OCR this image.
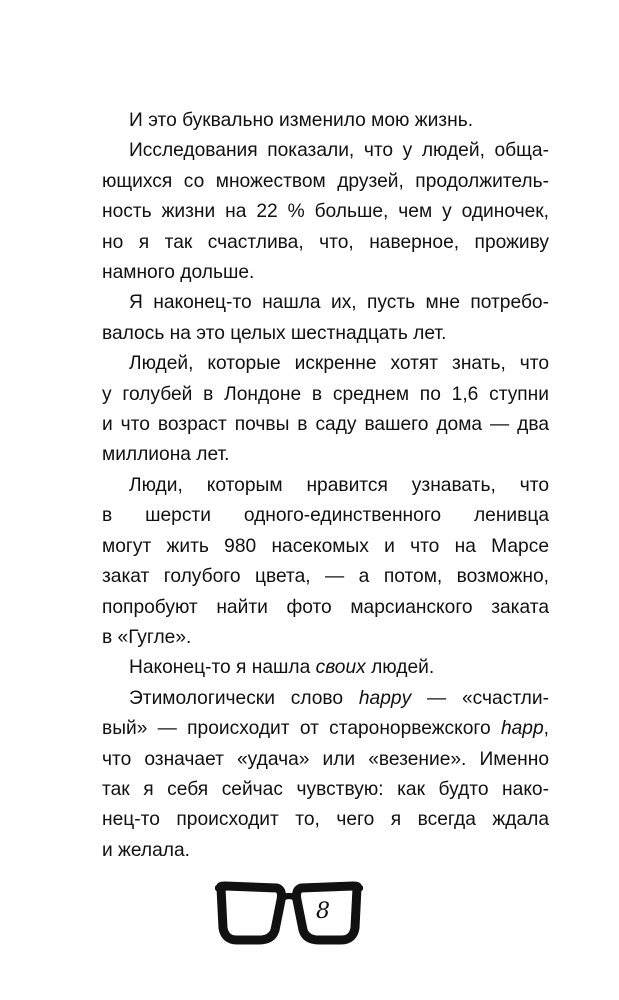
И это буквально изменило мою жизнь.

Исследования показали, что у людей, обща-
ющихся со множеством друзей, продолжитель-
ность жизни на 22 % больше, чем у одиночек,
но я так счастлива, что, наверное, проживу
намного дольше.

Я наконец-то нашла их, пусть мне потребо-
валось на это целых шестнадцать лет.

Людей, которые искренне хотят знать, что
у голубей в Лондоне в среднем по 1,6 ступни
и что возраст почвы в саду вашего дома — два
миллиона лет.

Люди, которым нравится узнавать, что
в шерсти одного-единственного ленивца
могут жить 980 насекомых и что на Марсе
закат голубого цвета, — а потом, возможно,
попробуют найти фото марсианского заката
в «Гугле».

Наконец-то я нашла своих людей.

Этимологически слово happy — «счастли-
вый» — происходит от старонорвежского happ,
что означает «удача» или «везение». Именно
так я себя сейчас чувствую: как будто нако-
нец-то происходит то, чего я всегда ждала
и желала.

8
